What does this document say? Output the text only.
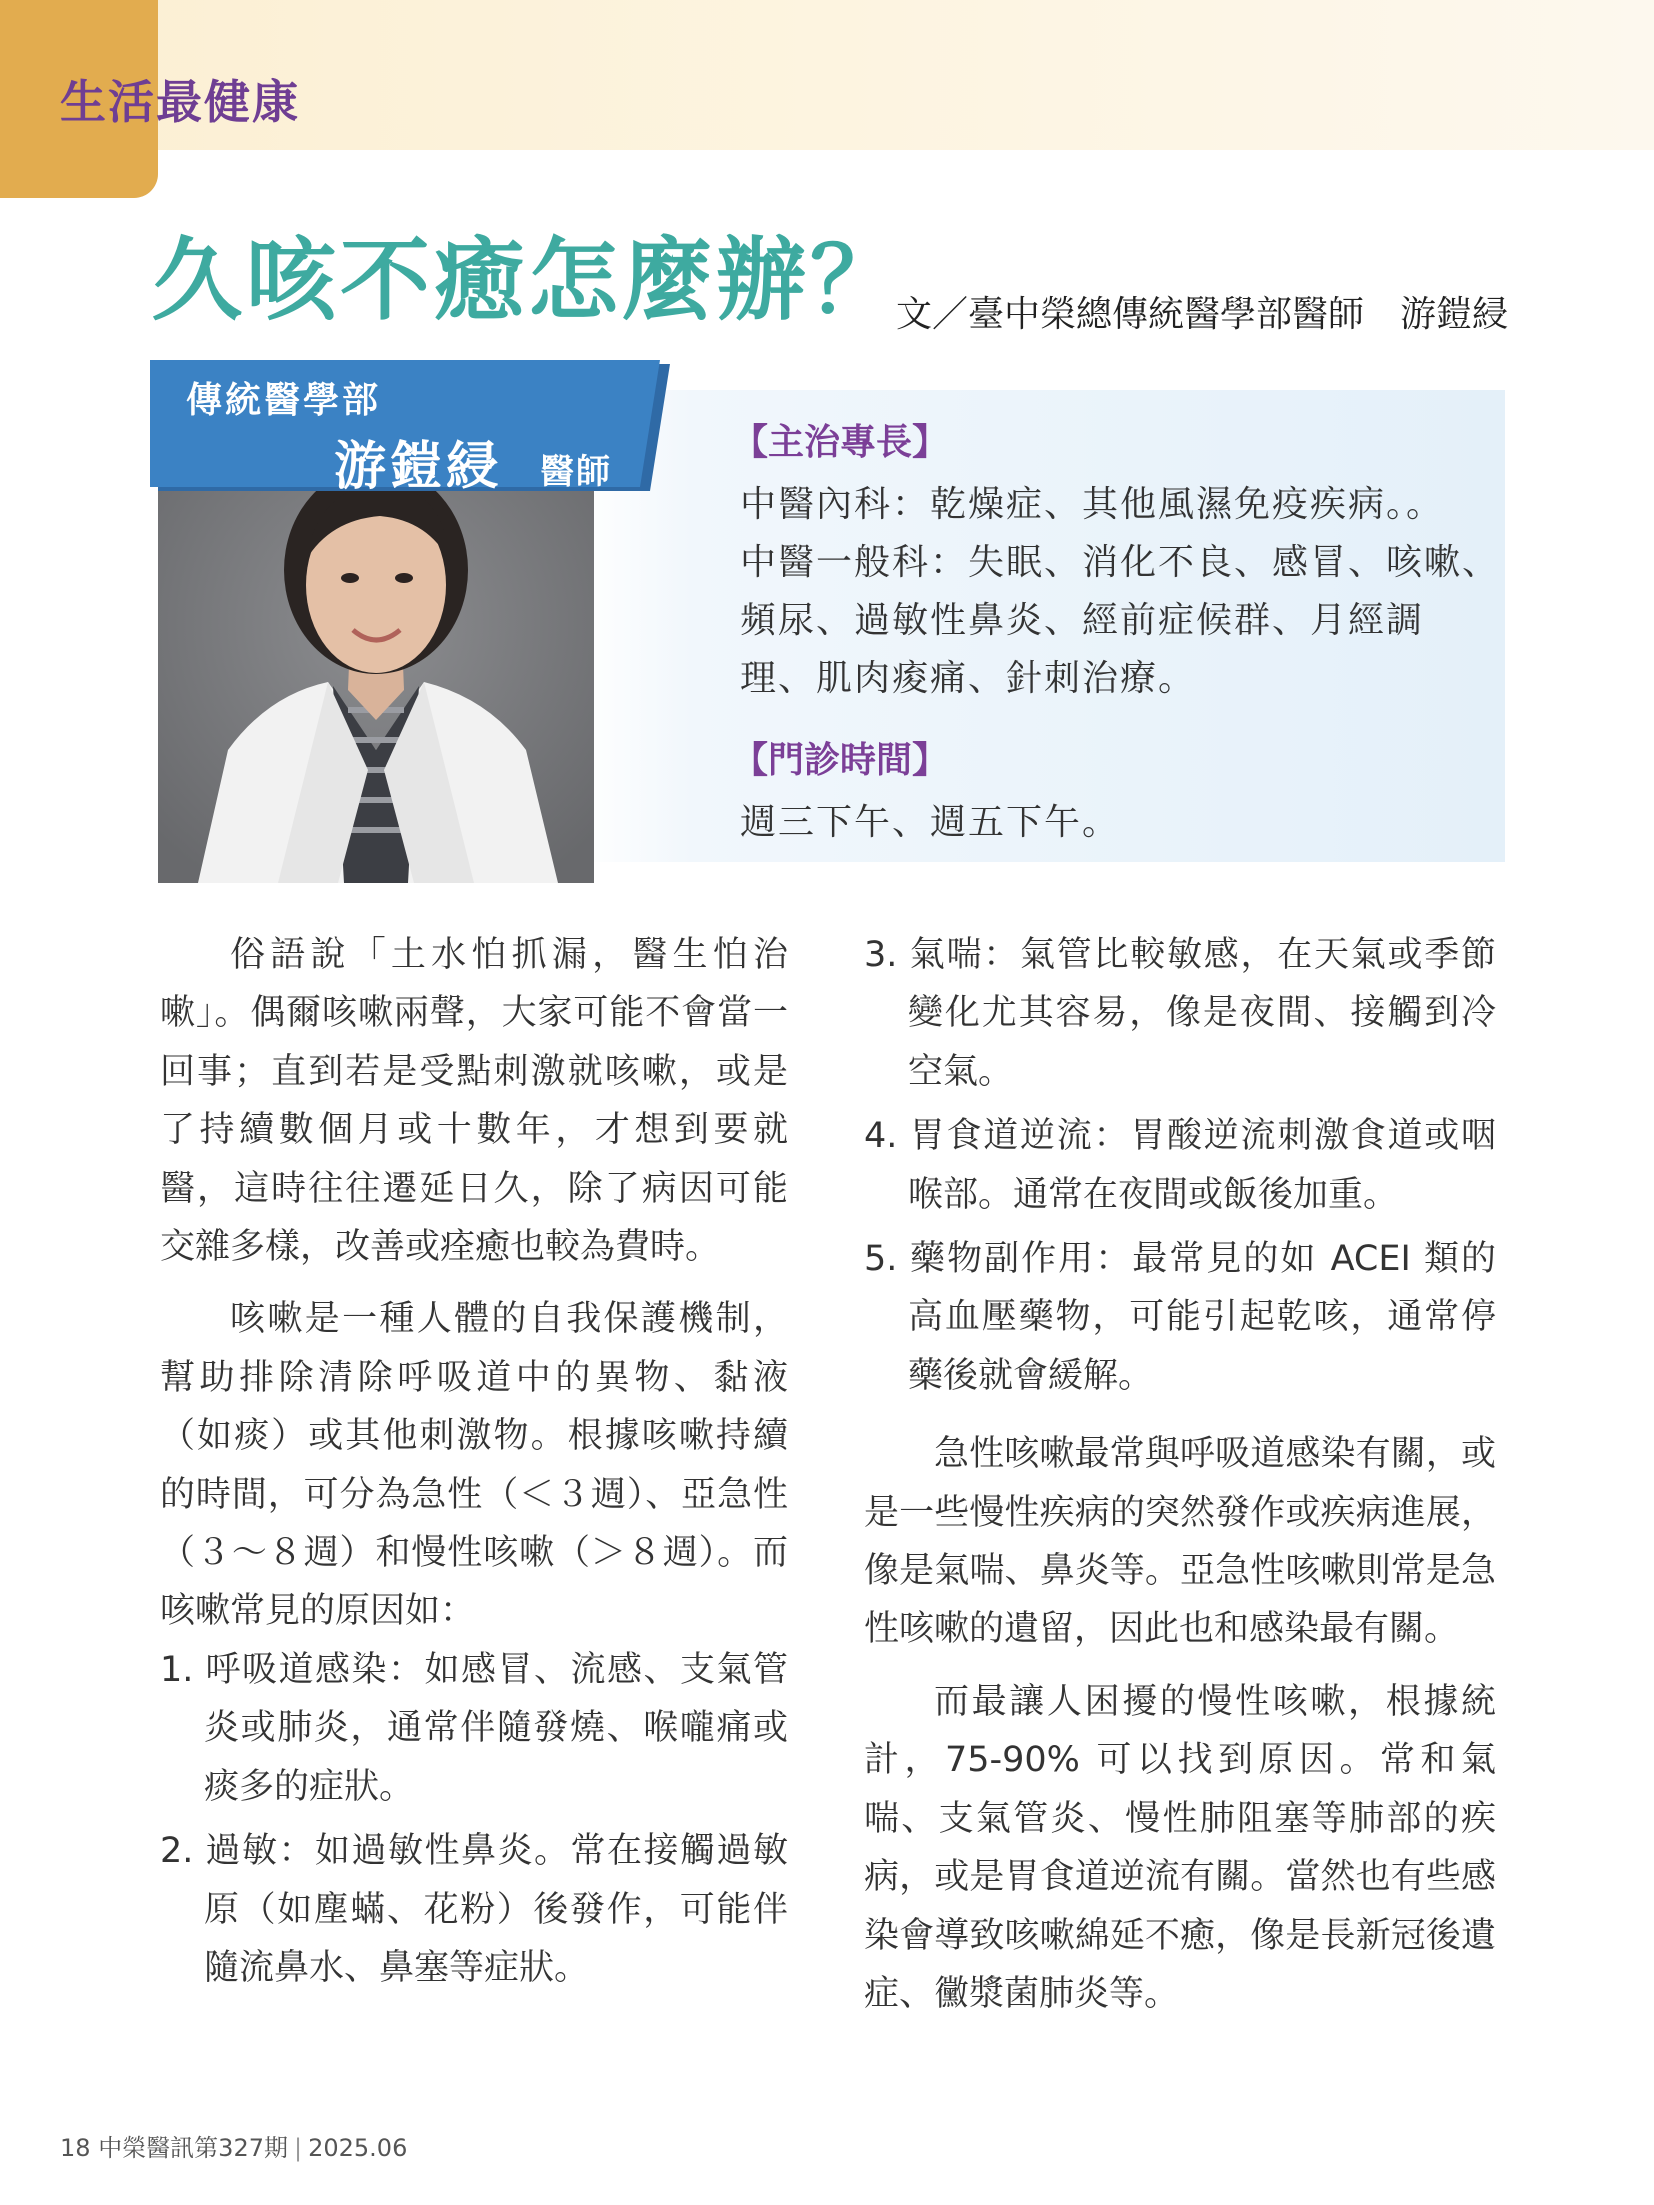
生活最健康
久咳不癒怎麼辦？
文／臺中榮總傳統醫學部醫師　游鎧綅
傳統醫學部
游鎧綅 醫師
【主治專長】
中醫內科：乾燥症、其他風濕免疫疾病。。
中醫一般科：失眠、消化不良、感冒、咳嗽、
頻尿、過敏性鼻炎、經前症候群、月經調
理、肌肉痠痛、針刺治療。
【門診時間】
週三下午、週五下午。

俗語說「土水怕抓漏，醫生怕治嗽」。偶爾咳嗽兩聲，大家可能不會當一回事；直到若是受點刺激就咳嗽，或是了持續數個月或十數年，才想到要就醫，這時往往遷延日久，除了病因可能交雜多樣，改善或痊癒也較為費時。

咳嗽是一種人體的自我保護機制，幫助排除清除呼吸道中的異物、黏液（如痰）或其他刺激物。根據咳嗽持續的時間，可分為急性（＜３週）、亞急性（３～８週）和慢性咳嗽（＞８週）。而咳嗽常見的原因如：

1. 呼吸道感染：如感冒、流感、支氣管炎或肺炎，通常伴隨發燒、喉嚨痛或痰多的症狀。
2. 過敏：如過敏性鼻炎。常在接觸過敏原（如塵蟎、花粉）後發作，可能伴隨流鼻水、鼻塞等症狀。
3. 氣喘：氣管比較敏感，在天氣或季節變化尤其容易，像是夜間、接觸到冷空氣。
4. 胃食道逆流：胃酸逆流刺激食道或咽喉部。通常在夜間或飯後加重。
5. 藥物副作用：最常見的如 ACEI 類的高血壓藥物，可能引起乾咳，通常停藥後就會緩解。

急性咳嗽最常與呼吸道感染有關，或是一些慢性疾病的突然發作或疾病進展，像是氣喘、鼻炎等。亞急性咳嗽則常是急性咳嗽的遺留，因此也和感染最有關。

而最讓人困擾的慢性咳嗽，根據統計，75-90% 可以找到原因。常和氣喘、支氣管炎、慢性肺阻塞等肺部的疾病，或是胃食道逆流有關。當然也有些感染會導致咳嗽綿延不癒，像是長新冠後遺症、黴漿菌肺炎等。

18 中榮醫訊第327期 | 2025.06
